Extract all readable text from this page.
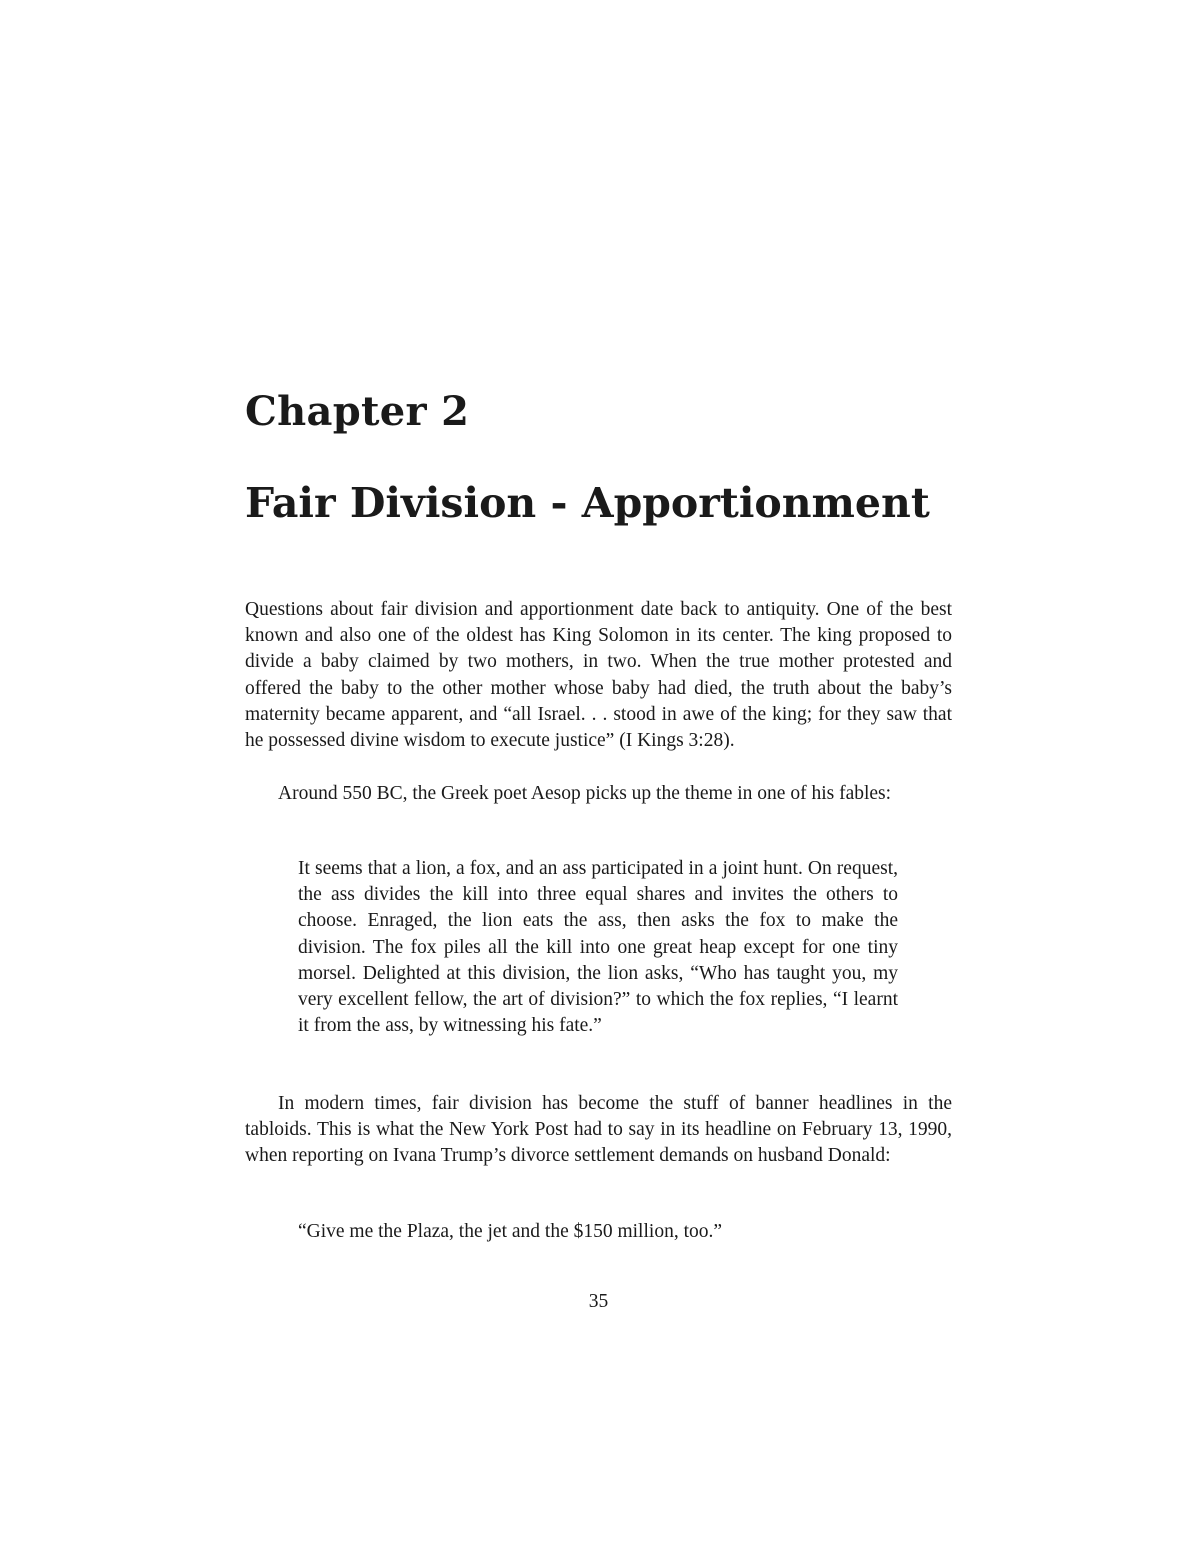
Chapter 2
Fair Division - Apportionment

Questions about fair division and apportionment date back to antiquity. One of the best known and also one of the oldest has King Solomon in its center. The king proposed to divide a baby claimed by two mothers, in two. When the true mother protested and offered the baby to the other mother whose baby had died, the truth about the baby’s maternity became apparent, and “all Israel. . . stood in awe of the king; for they saw that he possessed divine wisdom to execute justice” (I Kings 3:28).

Around 550 BC, the Greek poet Aesop picks up the theme in one of his fables:

It seems that a lion, a fox, and an ass participated in a joint hunt. On request, the ass divides the kill into three equal shares and invites the others to choose. Enraged, the lion eats the ass, then asks the fox to make the division. The fox piles all the kill into one great heap except for one tiny morsel. Delighted at this division, the lion asks, “Who has taught you, my very excellent fellow, the art of division?” to which the fox replies, “I learnt it from the ass, by witnessing his fate.”

In modern times, fair division has become the stuff of banner headlines in the tabloids. This is what the New York Post had to say in its headline on February 13, 1990, when reporting on Ivana Trump’s divorce settlement demands on husband Donald:

“Give me the Plaza, the jet and the $150 million, too.”

35
